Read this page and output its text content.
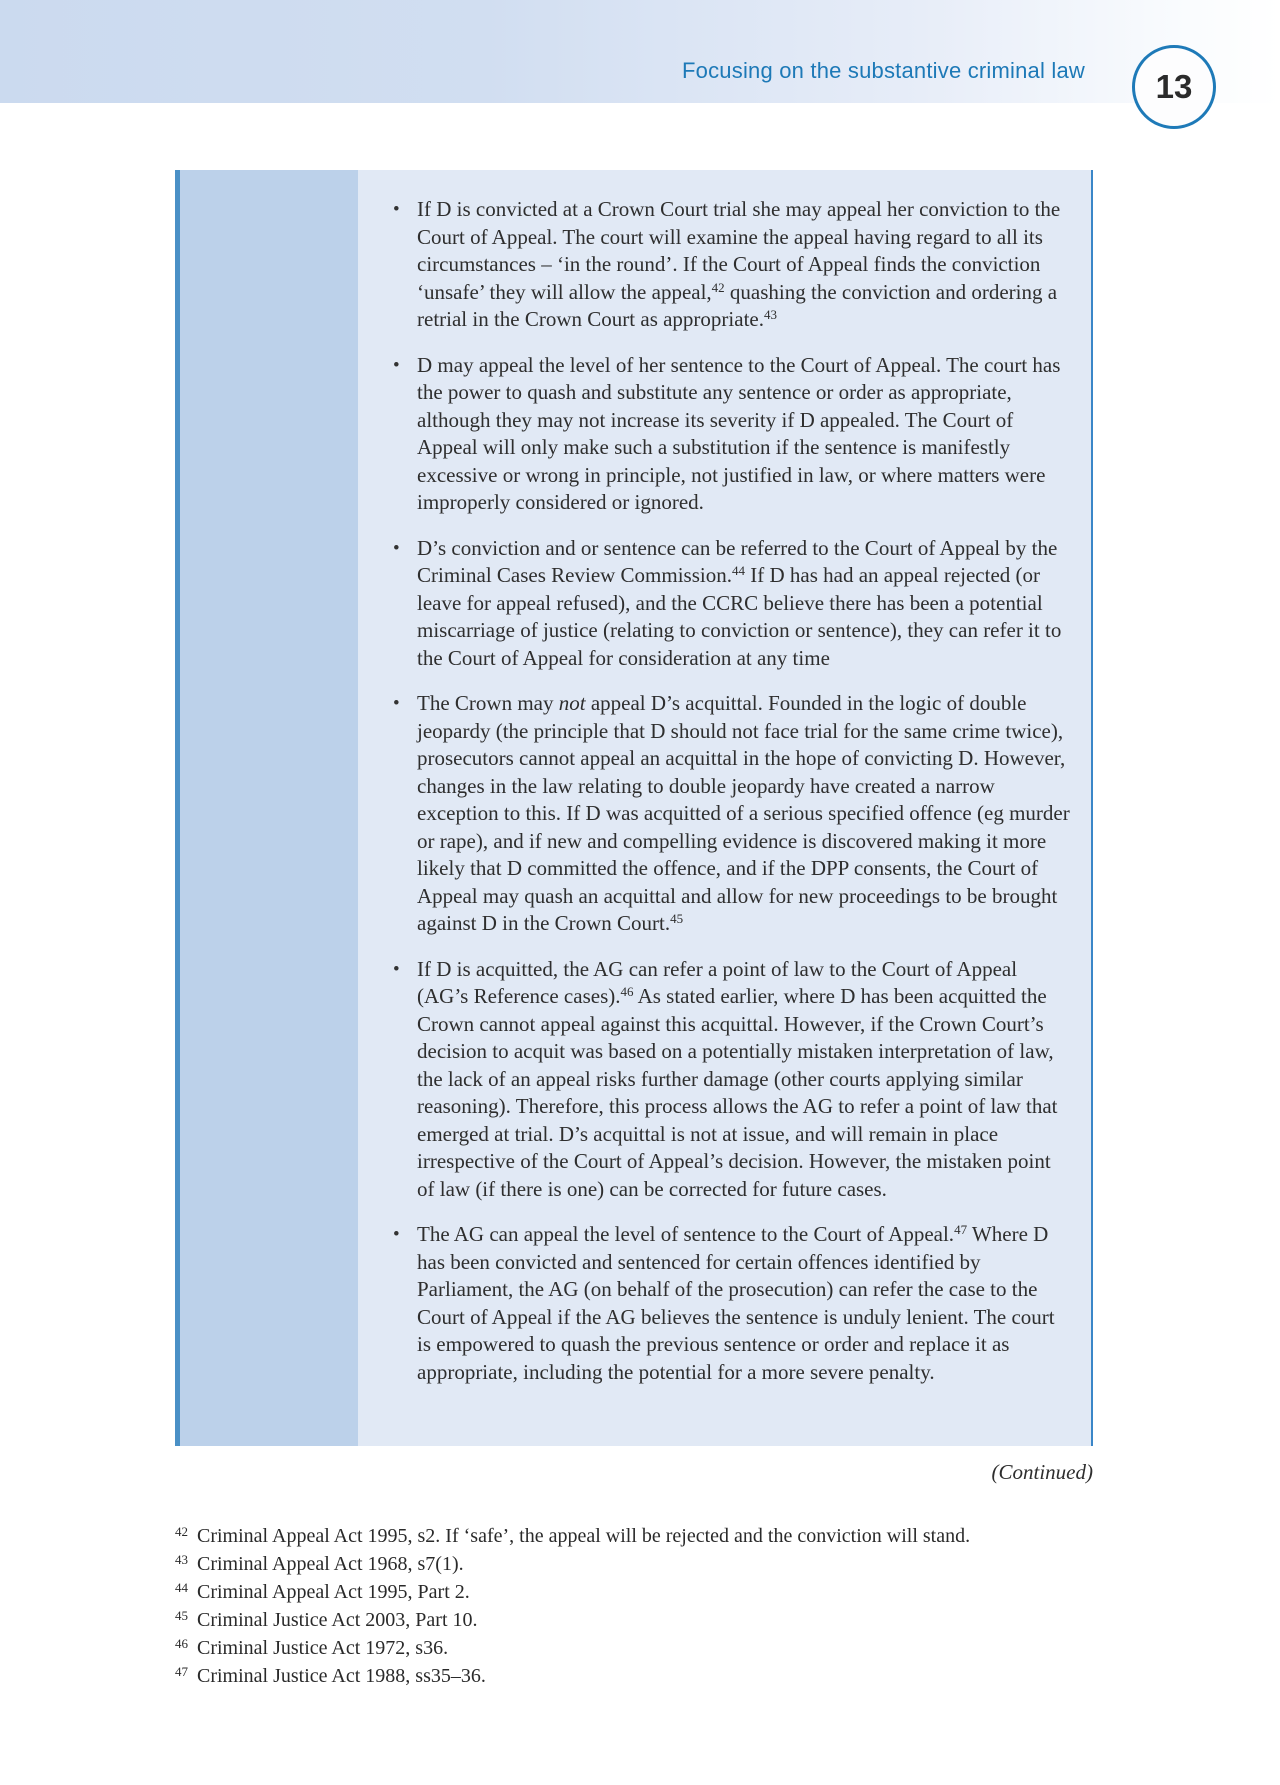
Focusing on the substantive criminal law 13
• If D is convicted at a Crown Court trial she may appeal her conviction to the Court of Appeal. The court will examine the appeal having regard to all its circumstances – ‘in the round’. If the Court of Appeal finds the conviction ‘unsafe’ they will allow the appeal,$^{42}$ quashing the conviction and ordering a retrial in the Crown Court as appropriate.$^{43}$
• D may appeal the level of her sentence to the Court of Appeal. The court has the power to quash and substitute any sentence or order as appropriate, although they may not increase its severity if D appealed. The Court of Appeal will only make such a substitution if the sentence is manifestly excessive or wrong in principle, not justified in law, or where matters were improperly considered or ignored.
• D’s conviction and or sentence can be referred to the Court of Appeal by the Criminal Cases Review Commission.$^{44}$ If D has had an appeal rejected (or leave for appeal refused), and the CCRC believe there has been a potential miscarriage of justice (relating to conviction or sentence), they can refer it to the Court of Appeal for consideration at any time
• The Crown may not appeal D’s acquittal. Founded in the logic of double jeopardy (the principle that D should not face trial for the same crime twice), prosecutors cannot appeal an acquittal in the hope of convicting D. However, changes in the law relating to double jeopardy have created a narrow exception to this. If D was acquitted of a serious specified offence (eg murder or rape), and if new and compelling evidence is discovered making it more likely that D committed the offence, and if the DPP consents, the Court of Appeal may quash an acquittal and allow for new proceedings to be brought against D in the Crown Court.$^{45}$
• If D is acquitted, the AG can refer a point of law to the Court of Appeal (AG’s Reference cases).$^{46}$ As stated earlier, where D has been acquitted the Crown cannot appeal against this acquittal. However, if the Crown Court’s decision to acquit was based on a potentially mistaken interpretation of law, the lack of an appeal risks further damage (other courts applying similar reasoning). Therefore, this process allows the AG to refer a point of law that emerged at trial. D’s acquittal is not at issue, and will remain in place irrespective of the Court of Appeal’s decision. However, the mistaken point of law (if there is one) can be corrected for future cases.
• The AG can appeal the level of sentence to the Court of Appeal.$^{47}$ Where D has been convicted and sentenced for certain offences identified by Parliament, the AG (on behalf of the prosecution) can refer the case to the Court of Appeal if the AG believes the sentence is unduly lenient. The court is empowered to quash the previous sentence or order and replace it as appropriate, including the potential for a more severe penalty.
(Continued)
$^{42}$ Criminal Appeal Act 1995, s2. If ‘safe’, the appeal will be rejected and the conviction will stand.
$^{43}$ Criminal Appeal Act 1968, s7(1).
$^{44}$ Criminal Appeal Act 1995, Part 2.
$^{45}$ Criminal Justice Act 2003, Part 10.
$^{46}$ Criminal Justice Act 1972, s36.
$^{47}$ Criminal Justice Act 1988, ss35–36.
